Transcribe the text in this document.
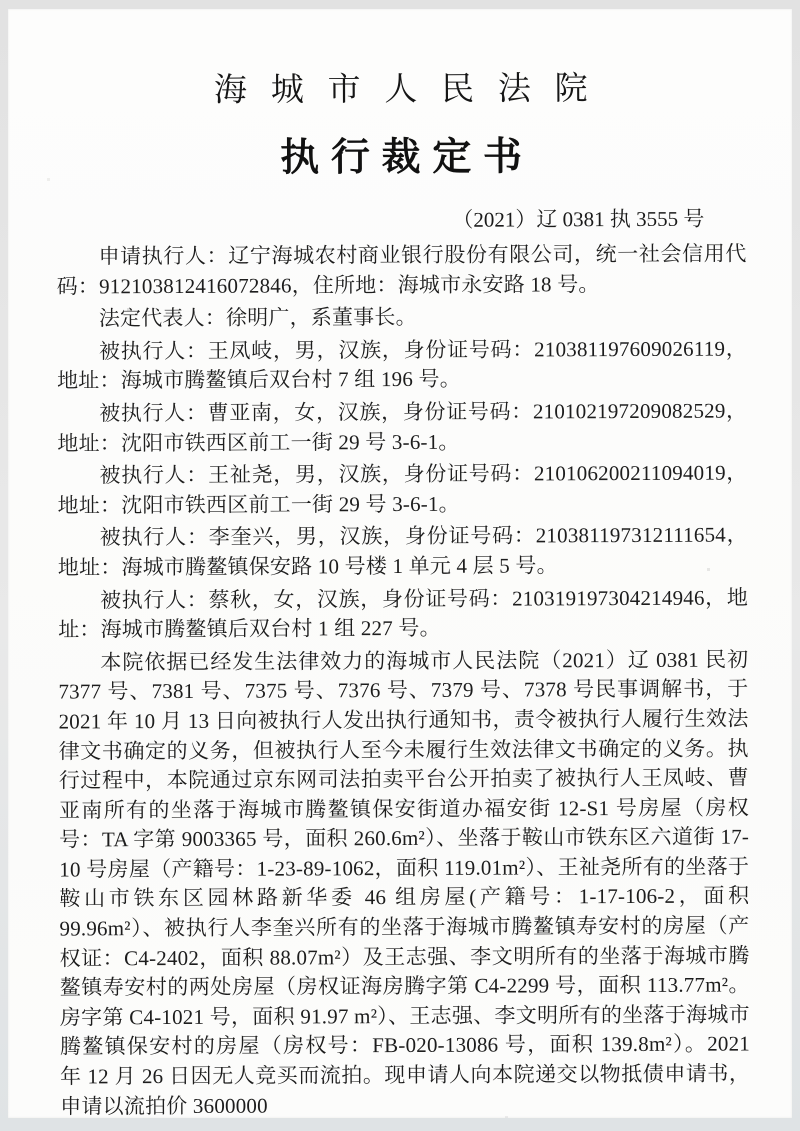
海城市人民法院
执行裁定书
（2021）辽 0381 执 3555 号

申请执行人：辽宁海城农村商业银行股份有限公司，统一社会信用代码：912103812416072846，住所地：海城市永安路 18 号。

法定代表人：徐明广，系董事长。

被执行人：王凤岐，男，汉族，身份证号码：210381197609026119，地址：海城市腾鳌镇后双台村 7 组 196 号。

被执行人：曹亚南，女，汉族，身份证号码：210102197209082529，地址：沈阳市铁西区前工一街 29 号 3-6-1。

被执行人：王祉尧，男，汉族，身份证号码：210106200211094019，地址：沈阳市铁西区前工一街 29 号 3-6-1。

被执行人：李奎兴，男，汉族，身份证号码：210381197312111654，地址：海城市腾鳌镇保安路 10 号楼 1 单元 4 层 5 号。

被执行人：蔡秋，女，汉族，身份证号码：210319197304214946，地址：海城市腾鳌镇后双台村 1 组 227 号。

本院依据已经发生法律效力的海城市人民法院（2021）辽 0381 民初 7377 号、7381 号、7375 号、7376 号、7379 号、7378 号民事调解书，于 2021 年 10 月 13 日向被执行人发出执行通知书，责令被执行人履行生效法律文书确定的义务，但被执行人至今未履行生效法律文书确定的义务。执行过程中，本院通过京东网司法拍卖平台公开拍卖了被执行人王凤岐、曹亚南所有的坐落于海城市腾鳌镇保安街道办福安街 12-S1 号房屋（房权号：TA 字第 9003365 号，面积 260.6m²）、坐落于鞍山市铁东区六道街 17-10 号房屋（产籍号：1-23-89-1062，面积 119.01m²）、王祉尧所有的坐落于鞍山市铁东区园林路新华委 46 组房屋(产籍号：1-17-106-2，面积 99.96m²）、被执行人李奎兴所有的坐落于海城市腾鳌镇寿安村的房屋（产权证：C4-2402，面积 88.07m²）及王志强、李文明所有的坐落于海城市腾鳌镇寿安村的两处房屋（房权证海房腾字第 C4-2299 号，面积 113.77m²。房字第 C4-1021 号，面积 91.97 m²）、王志强、李文明所有的坐落于海城市腾鳌镇保安村的房屋（房权号：FB-020-13086 号，面积 139.8m²）。2021 年 12 月 26 日因无人竞买而流拍。现申请人向本院递交以物抵债申请书，申请以流拍价 3600000
